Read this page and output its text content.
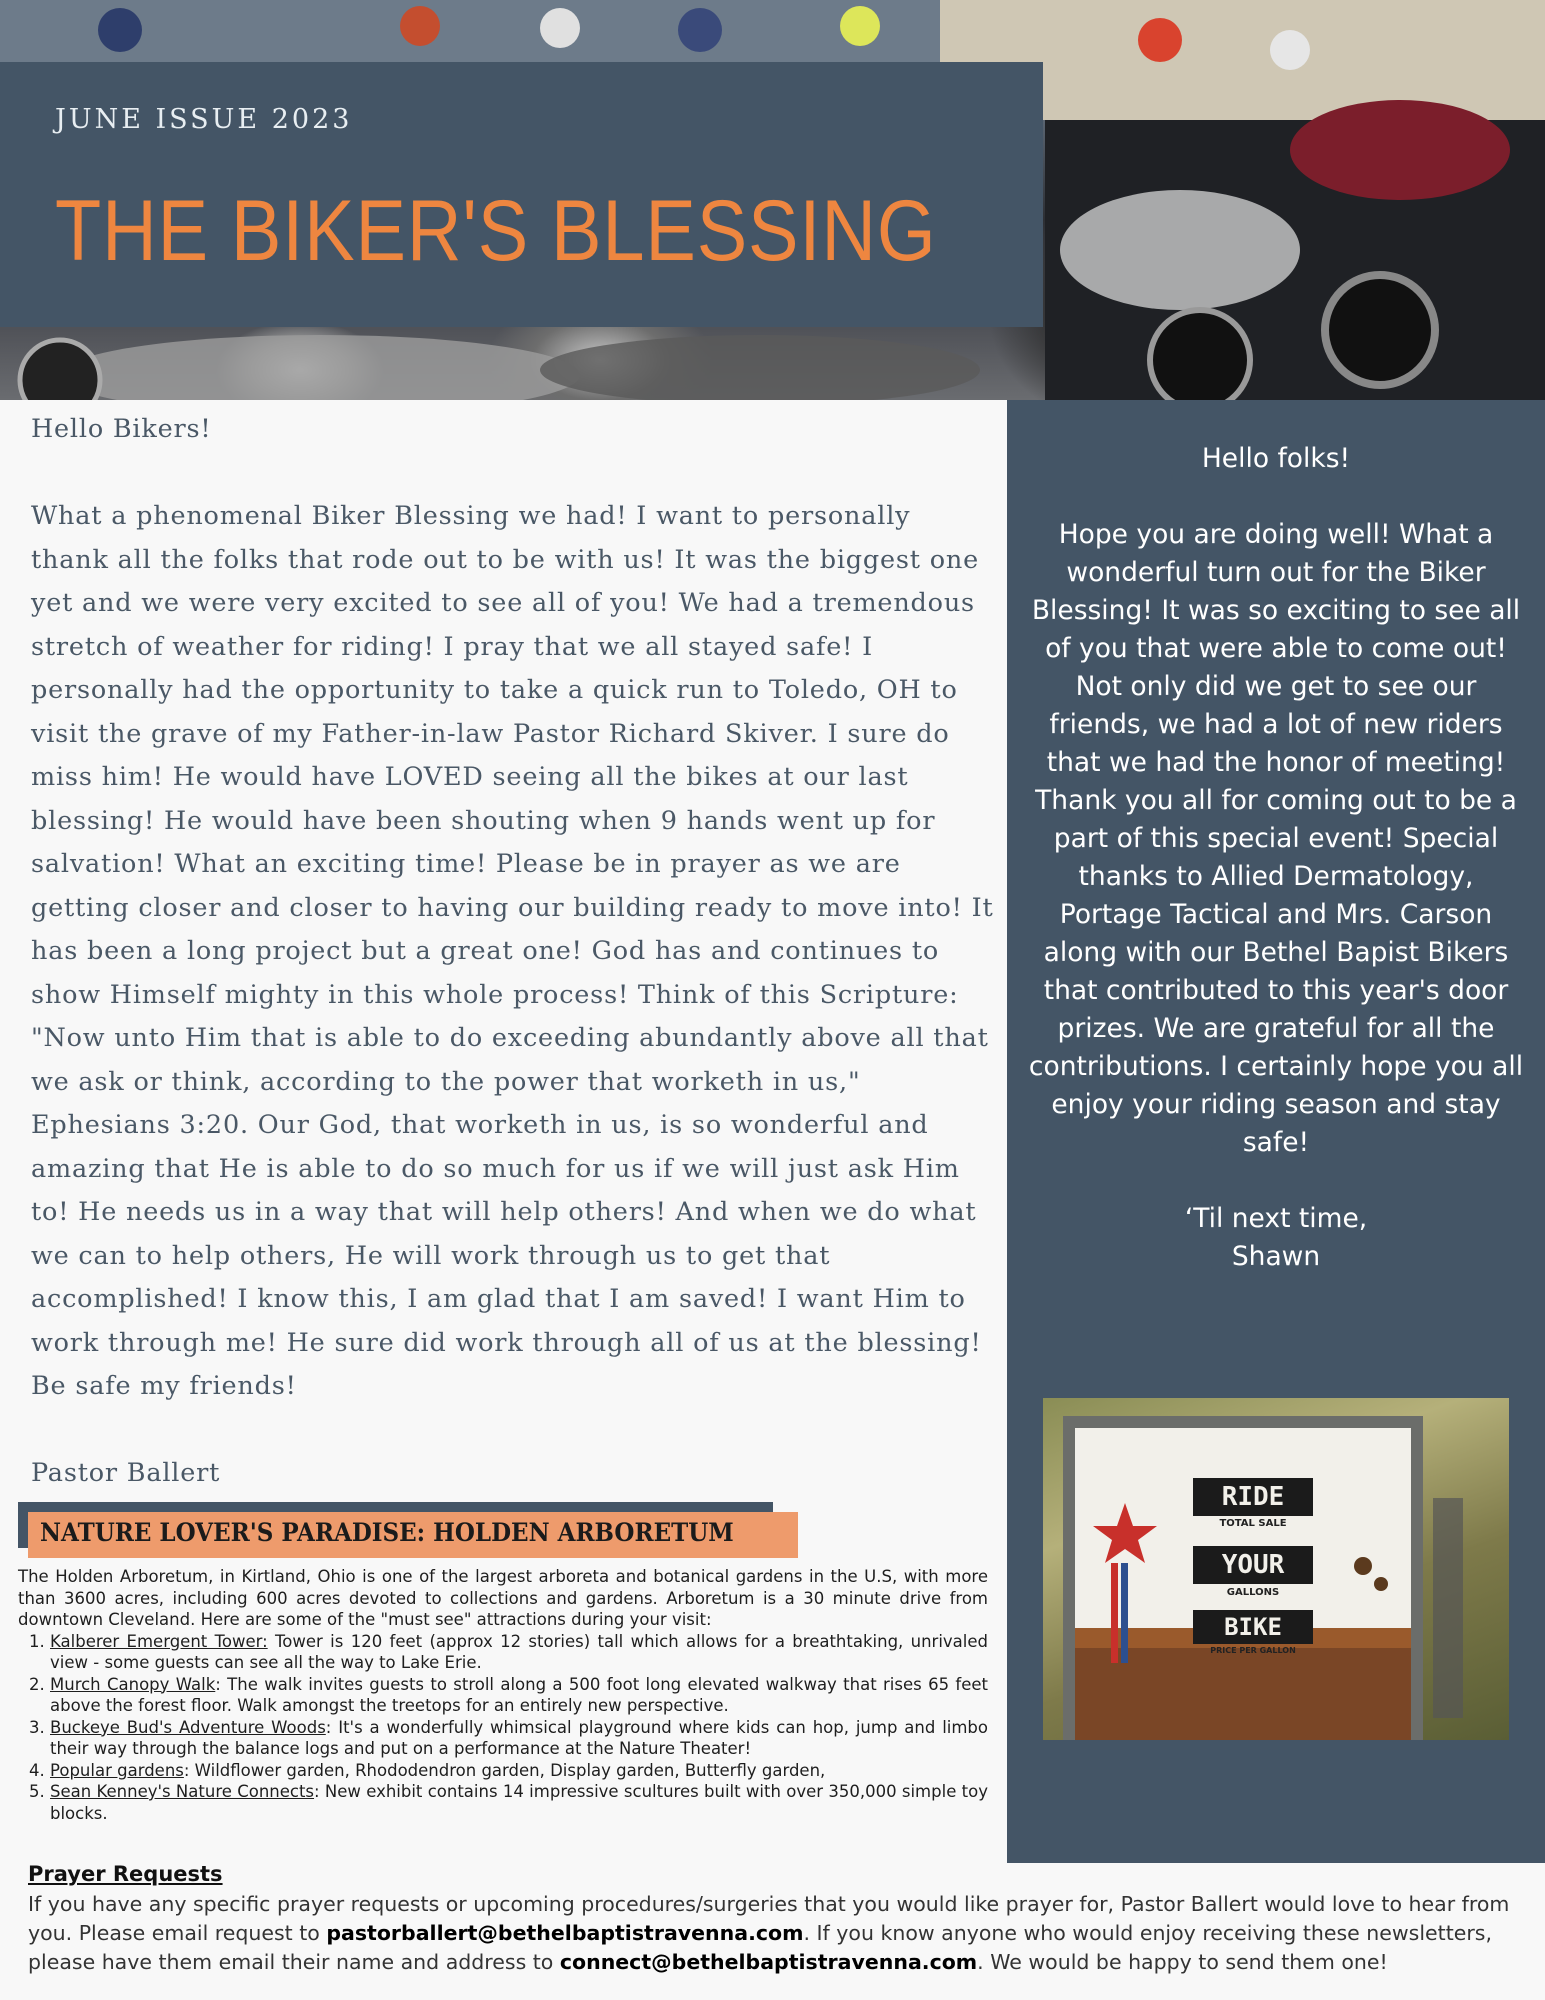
JUNE ISSUE 2023
THE BIKER'S BLESSING

Hello Bikers!

What a phenomenal Biker Blessing we had! I want to personally thank all the folks that rode out to be with us! It was the biggest one yet and we were very excited to see all of you! We had a tremendous stretch of weather for riding! I pray that we all stayed safe! I personally had the opportunity to take a quick run to Toledo, OH to visit the grave of my Father-in-law Pastor Richard Skiver. I sure do miss him! He would have LOVED seeing all the bikes at our last blessing! He would have been shouting when 9 hands went up for salvation! What an exciting time! Please be in prayer as we are getting closer and closer to having our building ready to move into! It has been a long project but a great one! God has and continues to show Himself mighty in this whole process! Think of this Scripture: "Now unto Him that is able to do exceeding abundantly above all that we ask or think, according to the power that worketh in us," Ephesians 3:20. Our God, that worketh in us, is so wonderful and amazing that He is able to do so much for us if we will just ask Him to! He needs us in a way that will help others! And when we do what we can to help others, He will work through us to get that accomplished! I know this, I am glad that I am saved! I want Him to work through me! He sure did work through all of us at the blessing! Be safe my friends!

Pastor Ballert

Hello folks!

Hope you are doing well! What a wonderful turn out for the Biker Blessing! It was so exciting to see all of you that were able to come out! Not only did we get to see our friends, we had a lot of new riders that we had the honor of meeting! Thank you all for coming out to be a part of this special event! Special thanks to Allied Dermatology, Portage Tactical and Mrs. Carson along with our Bethel Bapist Bikers that contributed to this year's door prizes. We are grateful for all the contributions. I certainly hope you all enjoy your riding season and stay safe!

‘Til next time,

Shawn

RIDE
TOTAL SALE
YOUR
GALLONS
BIKE
PRICE PER GALLON
NATURE LOVER'S PARADISE: HOLDEN ARBORETUM

The Holden Arboretum, in Kirtland, Ohio is one of the largest arboreta and botanical gardens in the U.S, with more than 3600 acres, including 600 acres devoted to collections and gardens. Arboretum is a 30 minute drive from downtown Cleveland. Here are some of the "must see" attractions during your visit:

1. Kalberer Emergent Tower: Tower is 120 feet (approx 12 stories) tall which allows for a breathtaking, unrivaled view - some guests can see all the way to Lake Erie.
2. Murch Canopy Walk: The walk invites guests to stroll along a 500 foot long elevated walkway that rises 65 feet above the forest floor. Walk amongst the treetops for an entirely new perspective.
3. Buckeye Bud's Adventure Woods: It's a wonderfully whimsical playground where kids can hop, jump and limbo their way through the balance logs and put on a performance at the Nature Theater!
4. Popular gardens: Wildflower garden, Rhododendron garden, Display garden, Butterfly garden,
5. Sean Kenney's Nature Connects: New exhibit contains 14 impressive scultures built with over 350,000 simple toy blocks.
Prayer Requests
If you have any specific prayer requests or upcoming procedures/surgeries that you would like prayer for, Pastor Ballert would love to hear from you. Please email request to pastorballert@bethelbaptistravenna.com. If you know anyone who would enjoy receiving these newsletters, please have them email their name and address to connect@bethelbaptistravenna.com. We would be happy to send them one!
